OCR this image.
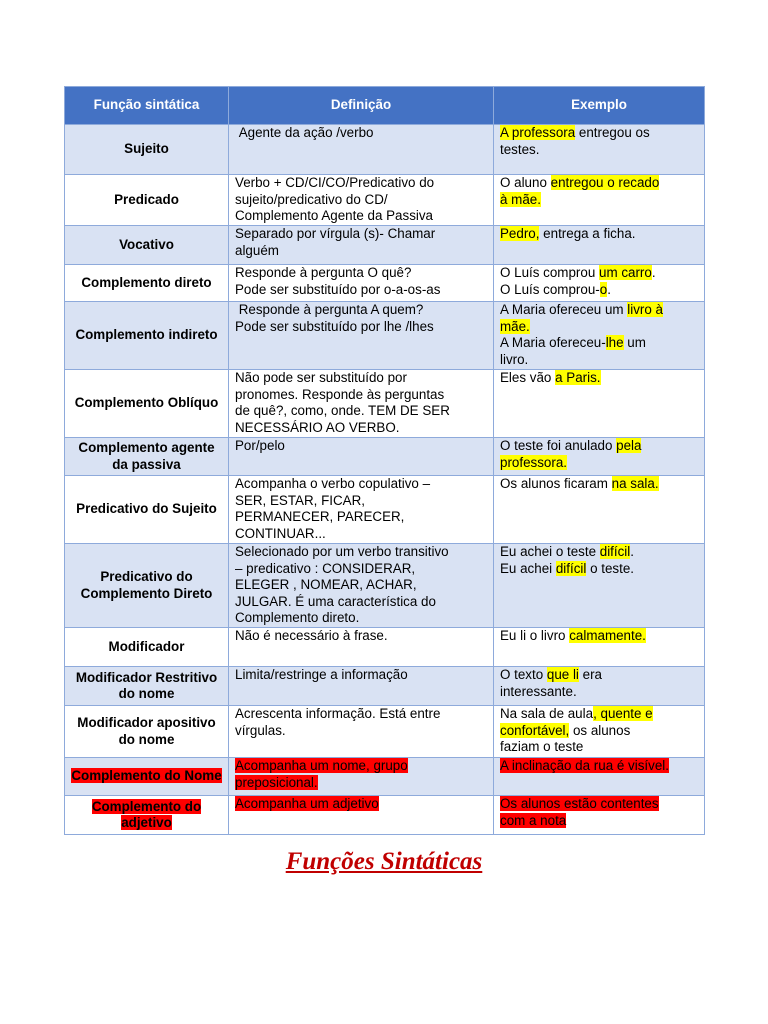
Função sintática	Definição	Exemplo
Sujeito	Agente da ação /verbo	A professora entregou os
testes.

Predicado	Verbo + CD/CI/CO/Predicativo do
sujeito/predicativo do CD/
Complemento Agente da Passiva	O aluno entregou o recado
à mãe.

Vocativo	Separado por vírgula (s)- Chamar
alguém	Pedro, entrega a ficha.

Complemento direto	Responde à pergunta O quê?
Pode ser substituído por o-a-os-as	O Luís comprou um carro.
O Luís comprou-o.

Complemento indireto	Responde à pergunta A quem?
Pode ser substituído por lhe /lhes	A Maria ofereceu um livro à
mãe.
A Maria ofereceu-lhe um
livro.

Complemento Oblíquo	Não pode ser substituído por
pronomes. Responde às perguntas
de quê?, como, onde. TEM DE SER
NECESSÁRIO AO VERBO.	Eles vão a Paris.

Complemento agente da passiva	Por/pelo	O teste foi anulado pela
professora.

Predicativo do Sujeito	Acompanha o verbo copulativo –
SER, ESTAR, FICAR,
PERMANECER, PARECER,
CONTINUAR...	Os alunos ficaram na sala.

Predicativo do Complemento Direto	Selecionado por um verbo transitivo
– predicativo : CONSIDERAR,
ELEGER , NOMEAR, ACHAR,
JULGAR. É uma característica do
Complemento direto.	Eu achei o teste difícil.
Eu achei difícil o teste.

Modificador	Não é necessário à frase.	Eu li o livro calmamente.

Modificador Restritivo do nome	Limita/restringe a informação	O texto que li era
interessante.

Modificador apositivo do nome	Acrescenta informação. Está entre
vírgulas.	Na sala de aula, quente e
confortável, os alunos
faziam o teste

Complemento do Nome	Acompanha um nome, grupo
preposicional.	A inclinação da rua é visível.

Complemento do adjetivo	Acompanha um adjetivo	Os alunos estão contentes
com a nota
Funções Sintáticas
